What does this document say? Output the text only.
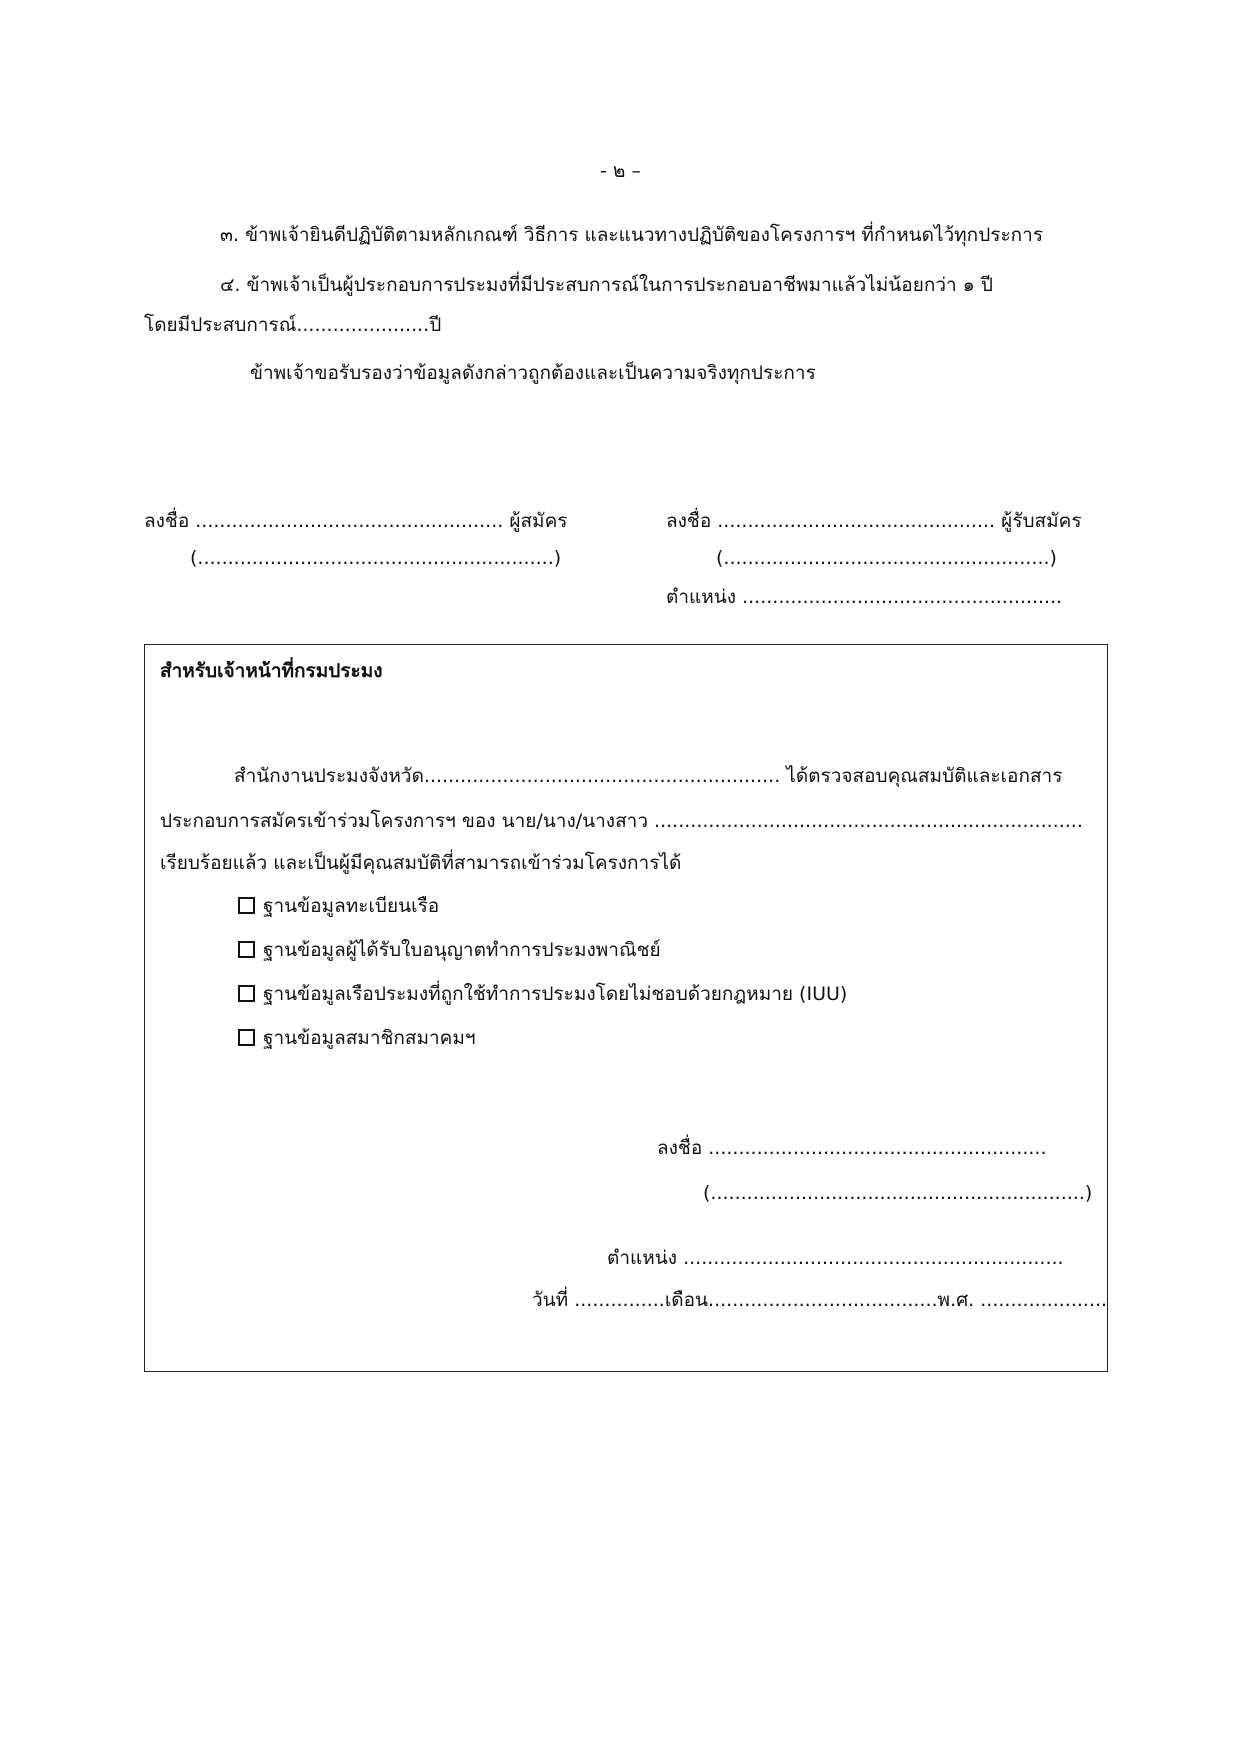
- ๒ –
๓. ข้าพเจ้ายินดีปฏิบัติตามหลักเกณฑ์ วิธีการ และแนวทางปฏิบัติของโครงการฯ ที่กำหนดไว้ทุกประการ
๔. ข้าพเจ้าเป็นผู้ประกอบการประมงที่มีประสบการณ์ในการประกอบอาชีพมาแล้วไม่น้อยกว่า ๑ ปี
โดยมีประสบการณ์......................ปี
ข้าพเจ้าขอรับรองว่าข้อมูลดังกล่าวถูกต้องและเป็นความจริงทุกประการ
ลงชื่อ ................................................... ผู้สมัคร
(...........................................................)
ลงชื่อ .............................................. ผู้รับสมัคร
(......................................................)
ตำแหน่ง .....................................................
สำหรับเจ้าหน้าที่กรมประมง
สำนักงานประมงจังหวัด........................................................... ได้ตรวจสอบคุณสมบัติและเอกสาร
ประกอบการสมัครเข้าร่วมโครงการฯ ของ นาย/นาง/นางสาว .......................................................................
เรียบร้อยแล้ว และเป็นผู้มีคุณสมบัติที่สามารถเข้าร่วมโครงการได้
ฐานข้อมูลทะเบียนเรือ
ฐานข้อมูลผู้ได้รับใบอนุญาตทำการประมงพาณิชย์
ฐานข้อมูลเรือประมงที่ถูกใช้ทำการประมงโดยไม่ชอบด้วยกฎหมาย (IUU)
ฐานข้อมูลสมาชิกสมาคมฯ
ลงชื่อ ........................................................
(..............................................................)
ตำแหน่ง ...............................................................
วันที่ ...............เดือน......................................พ.ศ. .....................
